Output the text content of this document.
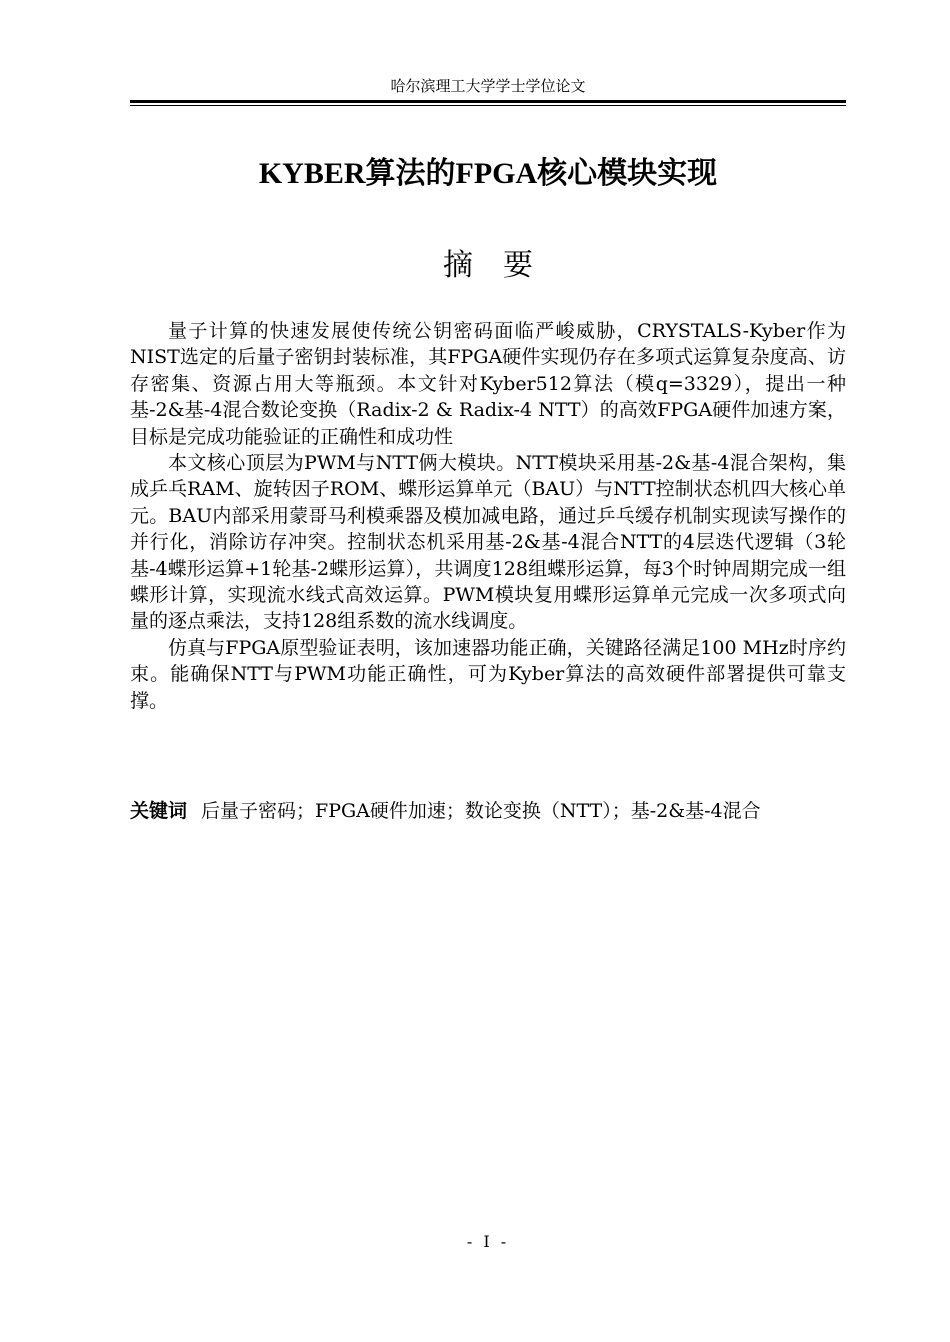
哈尔滨理工大学学士学位论文
KYBER算法的FPGA核心模块实现
摘要

量子计算的快速发展使传统公钥密码面临严峻威胁，CRYSTALS-Kyber作为NIST选定的后量子密钥封装标准，其FPGA硬件实现仍存在多项式运算复杂度高、访存密集、资源占用大等瓶颈。本文针对Kyber512算法（模q=3329），提出一种基-2&基-4混合数论变换（Radix-2 & Radix-4 NTT）的高效FPGA硬件加速方案，目标是完成功能验证的正确性和成功性

本文核心顶层为PWM与NTT俩大模块。NTT模块采用基-2&基-4混合架构，集成乒乓RAM、旋转因子ROM、蝶形运算单元（BAU）与NTT控制状态机四大核心单元。BAU内部采用蒙哥马利模乘器及模加减电路，通过乒乓缓存机制实现读写操作的并行化，消除访存冲突。控制状态机采用基-2&基-4混合NTT的4层迭代逻辑（3轮基-4蝶形运算+1轮基-2蝶形运算），共调度128组蝶形运算，每3个时钟周期完成一组蝶形计算，实现流水线式高效运算。PWM模块复用蝶形运算单元完成一次多项式向量的逐点乘法，支持128组系数的流水线调度。

仿真与FPGA原型验证表明，该加速器功能正确，关键路径满足100 MHz时序约束。能确保NTT与PWM功能正确性，可为Kyber算法的高效硬件部署提供可靠支撑。

关键词 后量子密码；FPGA硬件加速；数论变换（NTT）；基-2&基-4混合
- I -
